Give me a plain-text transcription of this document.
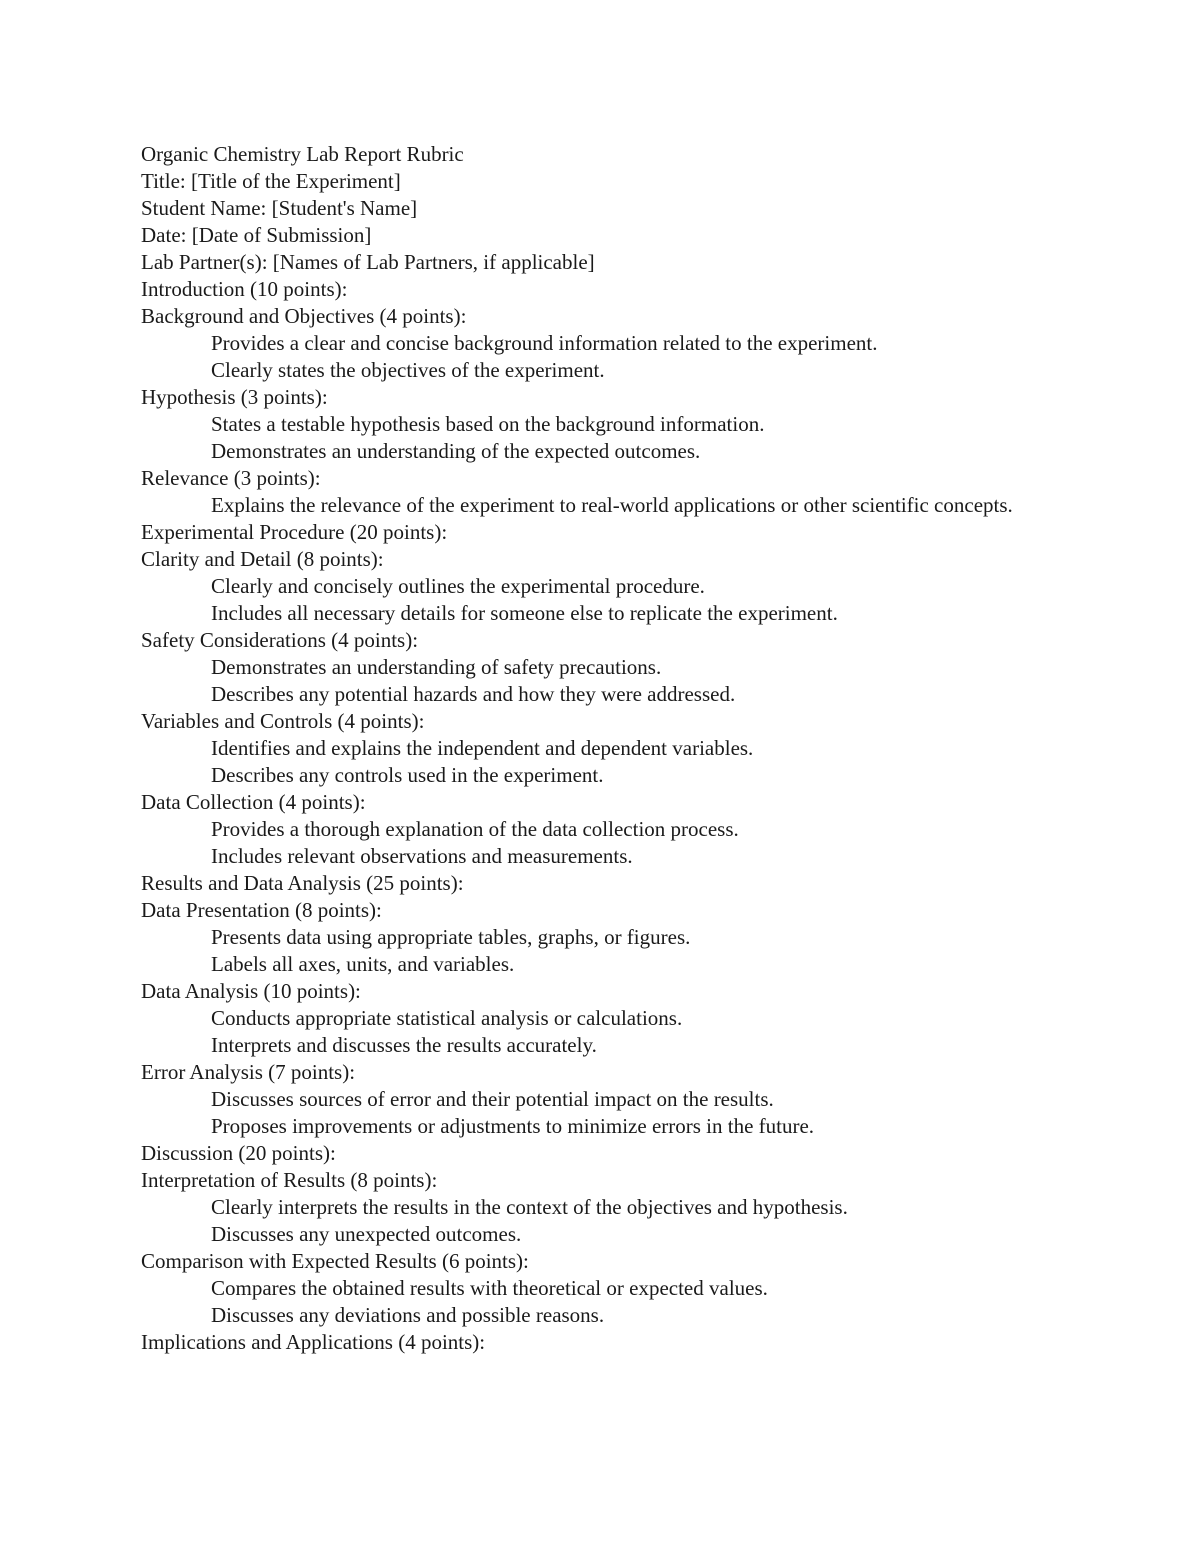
Organic Chemistry Lab Report Rubric
Title: [Title of the Experiment]
Student Name: [Student's Name]
Date: [Date of Submission]
Lab Partner(s): [Names of Lab Partners, if applicable]
Introduction (10 points):
Background and Objectives (4 points):
Provides a clear and concise background information related to the experiment.
Clearly states the objectives of the experiment.
Hypothesis (3 points):
States a testable hypothesis based on the background information.
Demonstrates an understanding of the expected outcomes.
Relevance (3 points):
Explains the relevance of the experiment to real-world applications or other scientific concepts.
Experimental Procedure (20 points):
Clarity and Detail (8 points):
Clearly and concisely outlines the experimental procedure.
Includes all necessary details for someone else to replicate the experiment.
Safety Considerations (4 points):
Demonstrates an understanding of safety precautions.
Describes any potential hazards and how they were addressed.
Variables and Controls (4 points):
Identifies and explains the independent and dependent variables.
Describes any controls used in the experiment.
Data Collection (4 points):
Provides a thorough explanation of the data collection process.
Includes relevant observations and measurements.
Results and Data Analysis (25 points):
Data Presentation (8 points):
Presents data using appropriate tables, graphs, or figures.
Labels all axes, units, and variables.
Data Analysis (10 points):
Conducts appropriate statistical analysis or calculations.
Interprets and discusses the results accurately.
Error Analysis (7 points):
Discusses sources of error and their potential impact on the results.
Proposes improvements or adjustments to minimize errors in the future.
Discussion (20 points):
Interpretation of Results (8 points):
Clearly interprets the results in the context of the objectives and hypothesis.
Discusses any unexpected outcomes.
Comparison with Expected Results (6 points):
Compares the obtained results with theoretical or expected values.
Discusses any deviations and possible reasons.
Implications and Applications (4 points):
